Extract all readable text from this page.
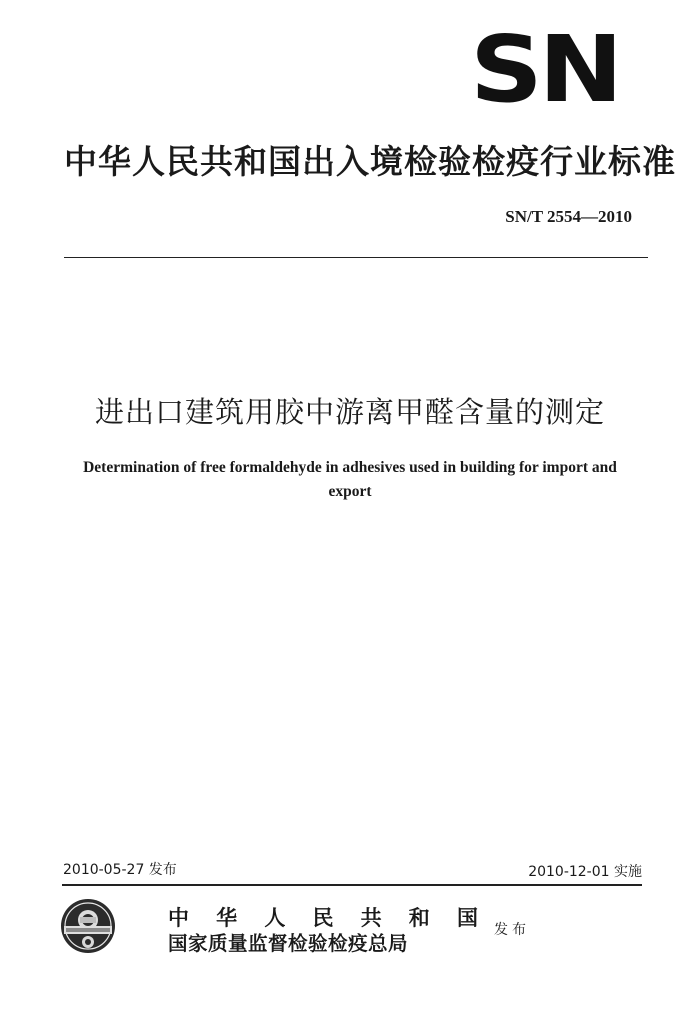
SN
中华人民共和国出入境检验检疫行业标准
SN/T 2554—2010
进出口建筑用胶中游离甲醛含量的测定
Determination of free formaldehyde in adhesives used in building for import and export
2010-05-27 发布	2010-12-01 实施
中 华 人 民 共 和 国
国家质量监督检验检疫总局
发布
